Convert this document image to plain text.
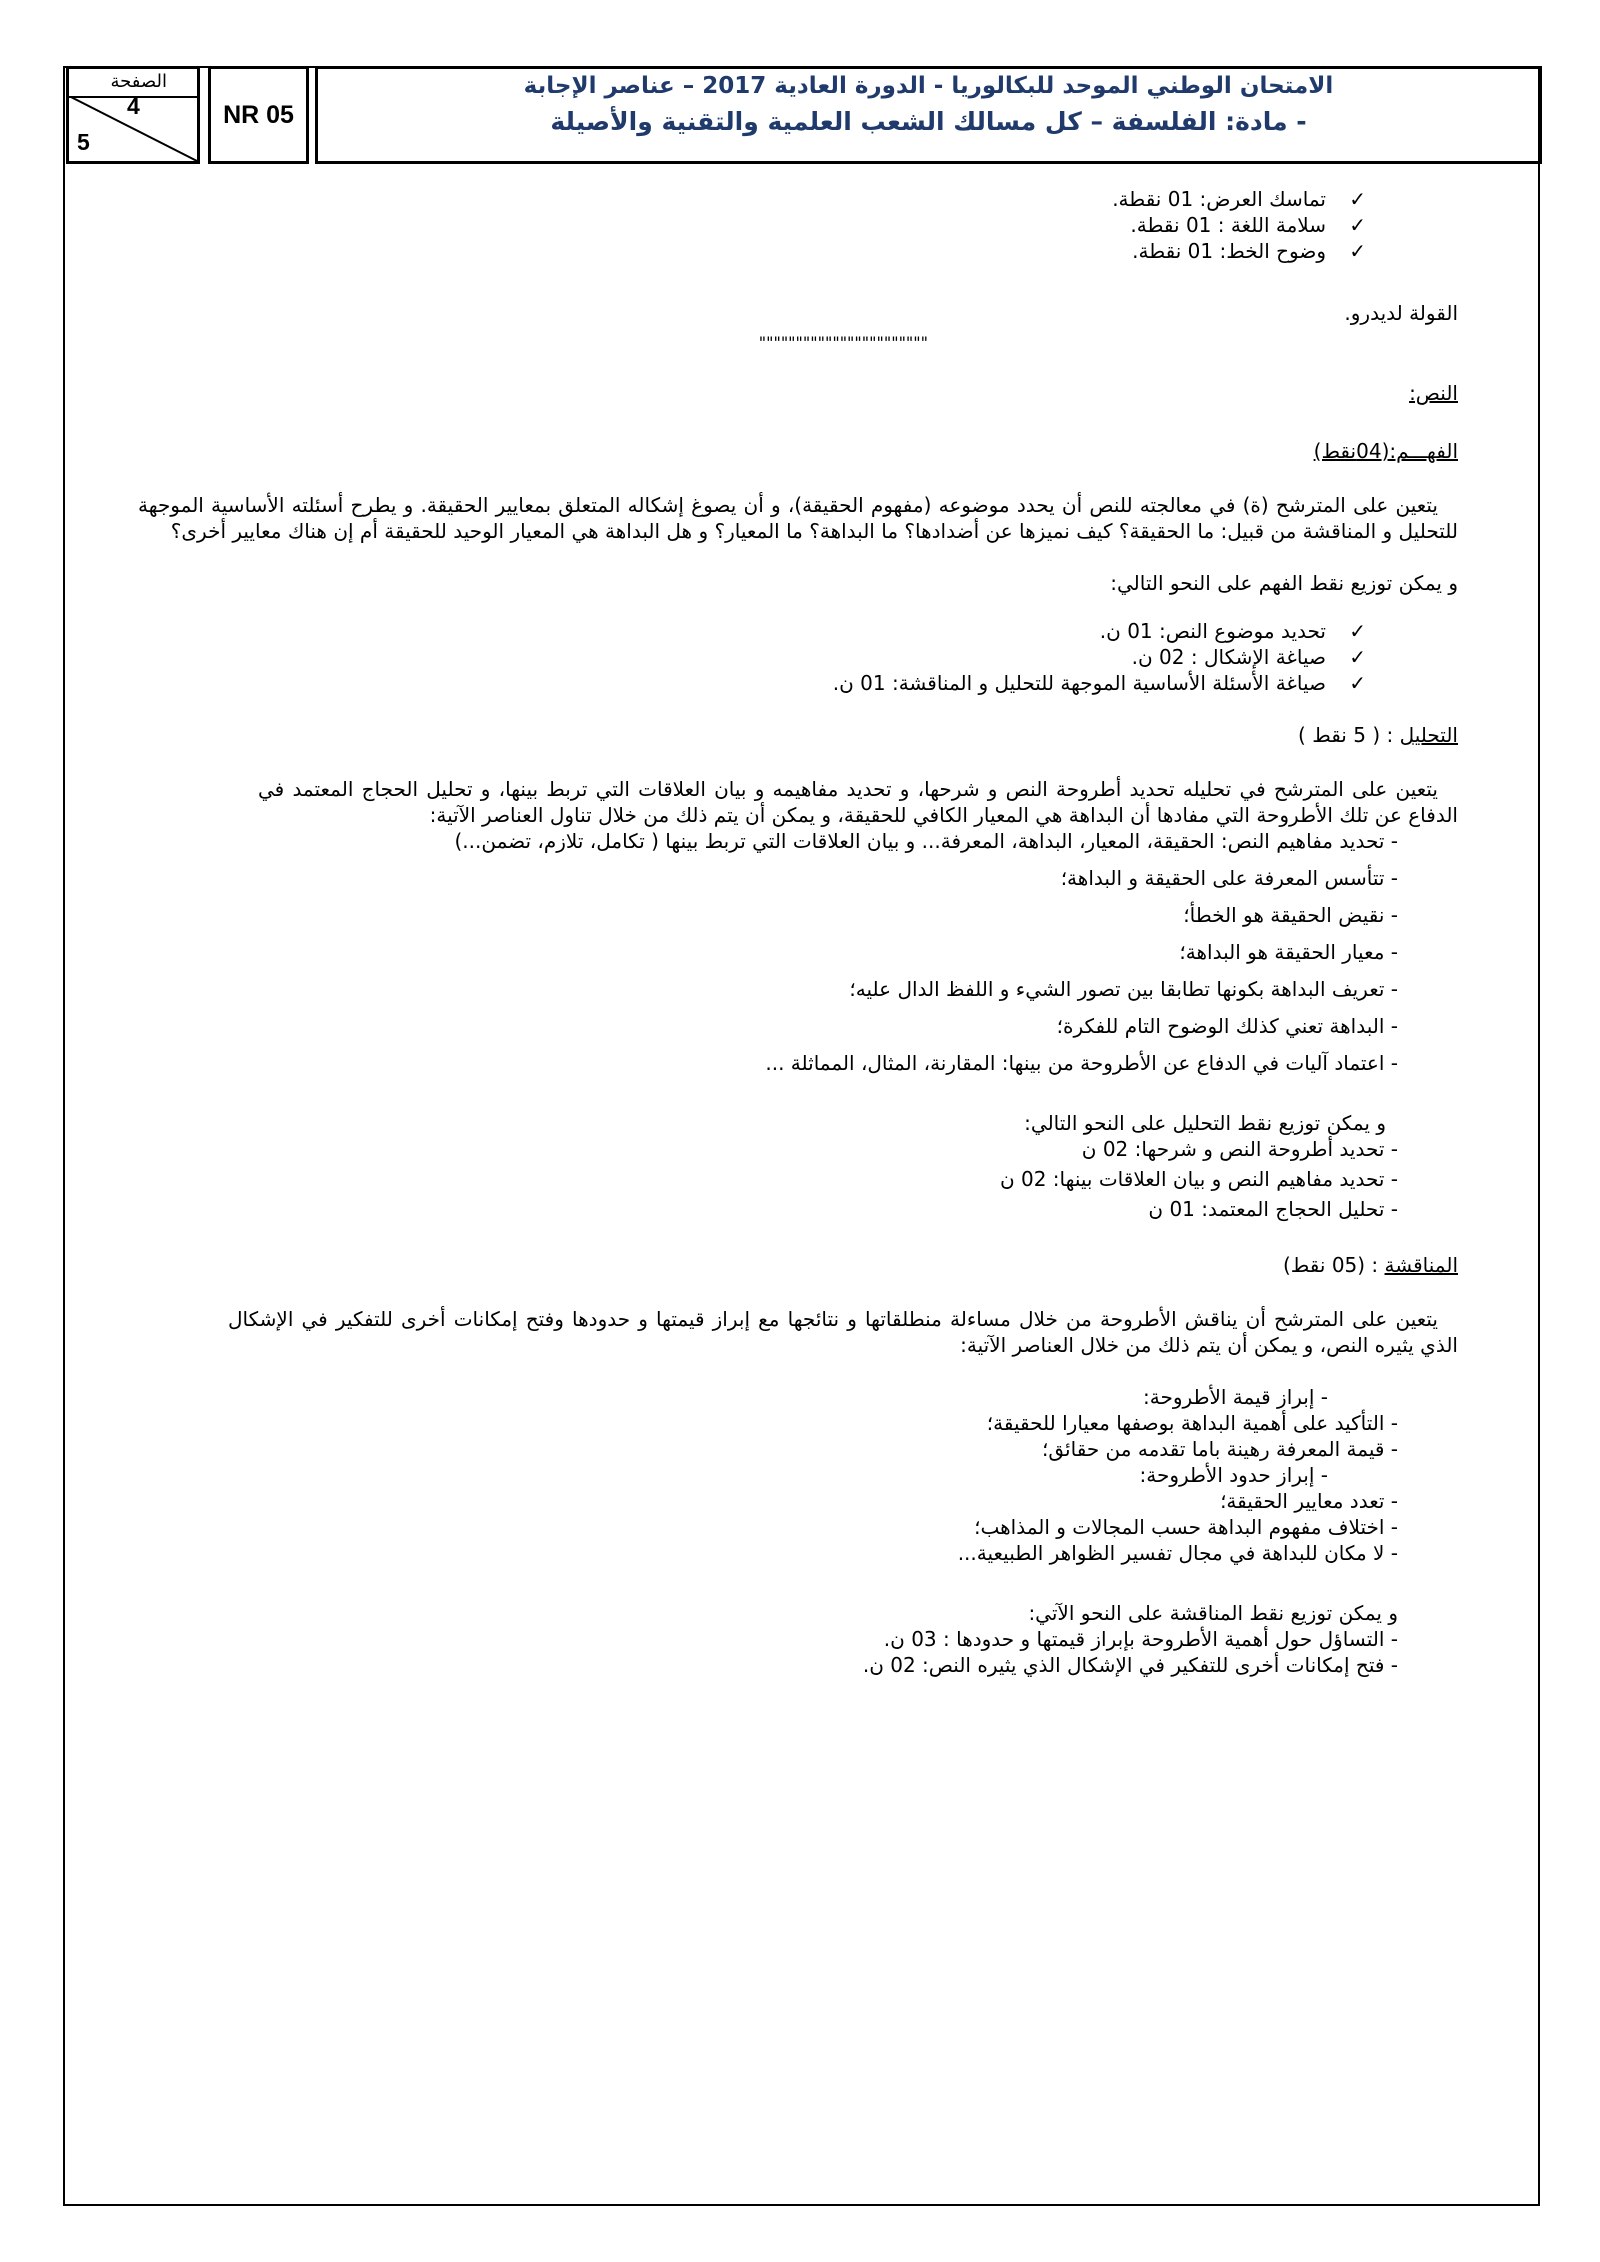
الصفحة
4
5
NR 05
الامتحان الوطني الموحد للبكالوريا - الدورة العادية 2017 – عناصر الإجابة
- مادة: الفلسفة – كل مسالك الشعب العلمية والتقنية والأصيلة

✓
تماسك العرض: 01 نقطة.

✓
سلامة اللغة : 01 نقطة.

✓
وضوح الخط: 01 نقطة.

القولة لديدرو.

"""""""""""""""""""""""

النص:

الفهـــم:(04نقط)

يتعين على المترشح (ة) في معالجته للنص أن يحدد موضوعه (مفهوم الحقيقة)، و أن يصوغ إشكاله المتعلق بمعايير الحقيقة. و يطرح أسئلته الأساسية الموجهة للتحليل و المناقشة من قبيل: ما الحقيقة؟ كيف نميزها عن أضدادها؟ ما البداهة؟ ما المعيار؟ و هل البداهة هي المعيار الوحيد للحقيقة أم إن هناك معايير أخرى؟

و يمكن توزيع نقط الفهم على النحو التالي:

✓
تحديد موضوع النص: 01 ن.

✓
صياغة الإشكال : 02 ن.

✓
صياغة الأسئلة الأساسية الموجهة للتحليل و المناقشة: 01 ن.

التحليل : ( 5 نقط )

يتعين على المترشح في تحليله تحديد أطروحة النص و شرحها، و تحديد مفاهيمه و بيان العلاقات التي تربط بينها، و تحليل الحجاج المعتمد في الدفاع عن تلك الأطروحة التي مفادها أن البداهة هي المعيار الكافي للحقيقة، و يمكن أن يتم ذلك من خلال تناول العناصر الآتية:

- تحديد مفاهيم النص: الحقيقة، المعيار، البداهة، المعرفة... و بيان العلاقات التي تربط بينها ( تكامل، تلازم، تضمن...)

- تتأسس المعرفة على الحقيقة و البداهة؛

- نقيض الحقيقة هو الخطأ؛

- معيار الحقيقة هو البداهة؛

- تعريف البداهة بكونها تطابقا بين تصور الشيء و اللفظ الدال عليه؛

- البداهة تعني كذلك الوضوح التام للفكرة؛

- اعتماد آليات في الدفاع عن الأطروحة من بينها: المقارنة، المثال، المماثلة ...

و يمكن توزيع نقط التحليل على النحو التالي:

- تحديد أطروحة النص و شرحها: 02 ن

- تحديد مفاهيم النص و بيان العلاقات بينها: 02 ن

- تحليل الحجاج المعتمد: 01 ن

المناقشة : (05 نقط)

يتعين على المترشح أن يناقش الأطروحة من خلال مساءلة منطلقاتها و نتائجها مع إبراز قيمتها و حدودها وفتح إمكانات أخرى للتفكير في الإشكال الذي يثيره النص، و يمكن أن يتم ذلك من خلال العناصر الآتية:

- إبراز قيمة الأطروحة:

- التأكيد على أهمية البداهة بوصفها معيارا للحقيقة؛

- قيمة المعرفة رهينة باما تقدمه من حقائق؛

- إبراز حدود الأطروحة:

- تعدد معايير الحقيقة؛

- اختلاف مفهوم البداهة حسب المجالات و المذاهب؛

- لا مكان للبداهة في مجال تفسير الظواهر الطبيعية...

و يمكن توزيع نقط المناقشة على النحو الآتي:

- التساؤل حول أهمية الأطروحة بإبراز قيمتها و حدودها : 03 ن.

- فتح إمكانات أخرى للتفكير في الإشكال الذي يثيره النص: 02 ن.
